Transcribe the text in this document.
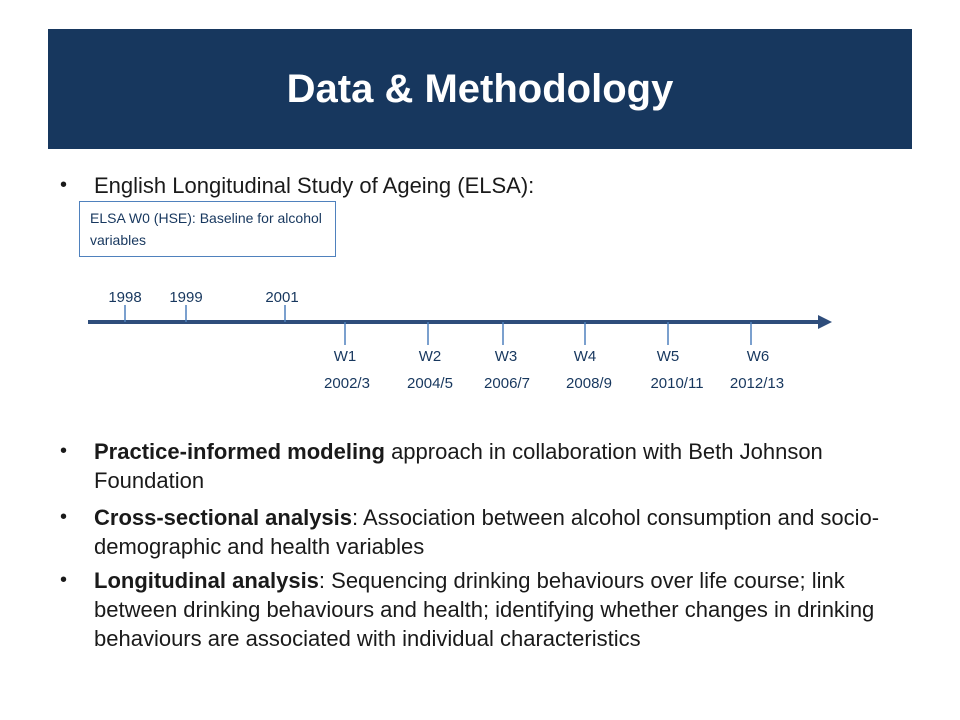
Data & Methodology
• English Longitudinal Study of Ageing (ELSA):
ELSA W0 (HSE): Baseline for alcohol variables
1998 1999	2001
W1	W2	W3	W4	W5	W6
2002/3 2004/5 2006/7 2008/9	2010/11 2012/13
• Practice-informed modeling approach in collaboration with Beth Johnson Foundation
• Cross-sectional analysis: Association between alcohol consumption and socio-demographic and health variables
• Longitudinal analysis: Sequencing drinking behaviours over life course; link between drinking behaviours and health; identifying whether changes in drinking behaviours are associated with individual characteristics
